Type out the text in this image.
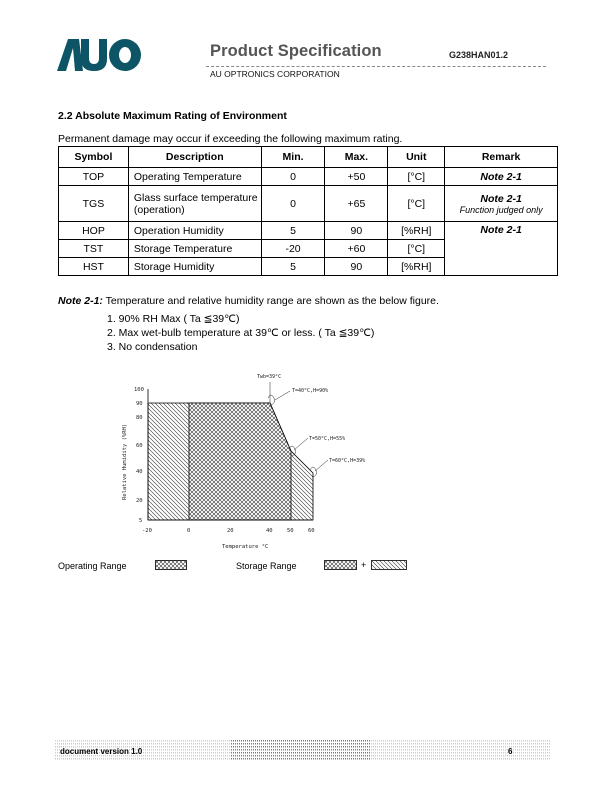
Product Specification	G238HAN01.2
AU OPTRONICS CORPORATION
2.2 Absolute Maximum Rating of Environment
Permanent damage may occur if exceeding the following maximum rating.
Symbol	Description	Min.	Max.	Unit	Remark
TOP	Operating Temperature	0	+50	[°C]	Note 2-1
TGS	Glass surface temperature (operation)	0	+65	[°C]	Note 2-1
Function judged only

HOP	Operation Humidity	5	90	[%RH]	Note 2-1
TST	Storage Temperature	-20	+60	[°C]	
HST	Storage Humidity	5	90	[%RH]	
Note 2-1: Temperature and relative humidity range are shown as the below figure.
1. 90% RH Max ( Ta ≦39℃)
2. Max wet-bulb temperature at 39℃ or less. ( Ta ≦39℃)
3. No condensation
100
90
80
60
40
20
5
-20	0	20	40	50	60
Temperature °C
Relative Humidity (%RH)
Twb=39°C
T=40°C,H=90%
T=50°C,H=55%
T=60°C,H=39%
Operating Range	Storage Range	+
document version 1.0	6
